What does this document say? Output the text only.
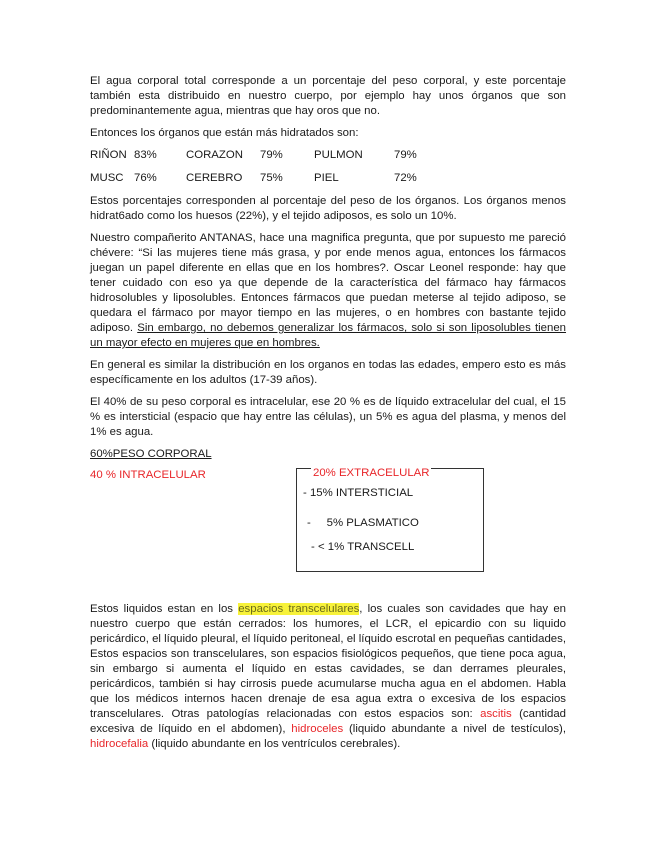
El agua corporal total corresponde a un porcentaje del peso corporal, y este porcentaje también esta distribuido en nuestro cuerpo, por ejemplo hay unos órganos que son predominantemente agua, mientras que hay oros que no.

Entonces los órganos que están más hidratados son:

RIÑON 83%	CORAZON	79%	PULMON	79%
MUSC 76%	CEREBRO	75%	PIEL	72%

Estos porcentajes corresponden al porcentaje del peso de los órganos. Los órganos menos hidrat6ado como los huesos (22%), y el tejido adiposos, es solo un 10%.

Nuestro compañerito ANTANAS, hace una magnifica pregunta, que por supuesto me pareció chévere: “Si las mujeres tiene más grasa, y por ende menos agua, entonces los fármacos juegan un papel diferente en ellas que en los hombres?. Oscar Leonel responde: hay que tener cuidado con eso ya que depende de la característica del fármaco hay fármacos hidrosolubles y liposolubles. Entonces fármacos que puedan meterse al tejido adiposo, se quedara el fármaco por mayor tiempo en las mujeres, o en hombres con bastante tejido adiposo. Sin embargo, no debemos generalizar los fármacos, solo si son liposolubles tienen un mayor efecto en mujeres que en hombres.

En general es similar la distribución en los organos en todas las edades, empero esto es más específicamente en los adultos (17-39 años).

El 40% de su peso corporal es intracelular, ese 20 % es de líquido extracelular del cual, el 15 % es intersticial (espacio que hay entre las células), un 5% es agua del plasma, y menos del 1% es agua.

60%PESO CORPORAL

40 % INTRACELULAR	20% EXTRACELULAR
- 15% INTERSTICIAL
-     5% PLASMATICO
- < 1% TRANSCELL

Estos liquidos estan en los espacios transcelulares, los cuales son cavidades que hay en nuestro cuerpo que están cerrados: los humores, el LCR, el epicardio con su liquido pericárdico, el líquido pleural, el líquido peritoneal, el líquido escrotal en pequeñas cantidades, Estos espacios son transcelulares, son espacios fisiológicos pequeños, que tiene poca agua, sin embargo si aumenta el líquido en estas cavidades, se dan derrames pleurales, pericárdicos, también si hay cirrosis puede acumularse mucha agua en el abdomen. Habla que los médicos internos hacen drenaje de esa agua extra o excesiva de los espacios transcelulares. Otras patologías relacionadas con estos espacios son: ascitis (cantidad excesiva de líquido en el abdomen), hidroceles (liquido abundante a nivel de testículos), hidrocefalia (liquido abundante en los ventrículos cerebrales).
